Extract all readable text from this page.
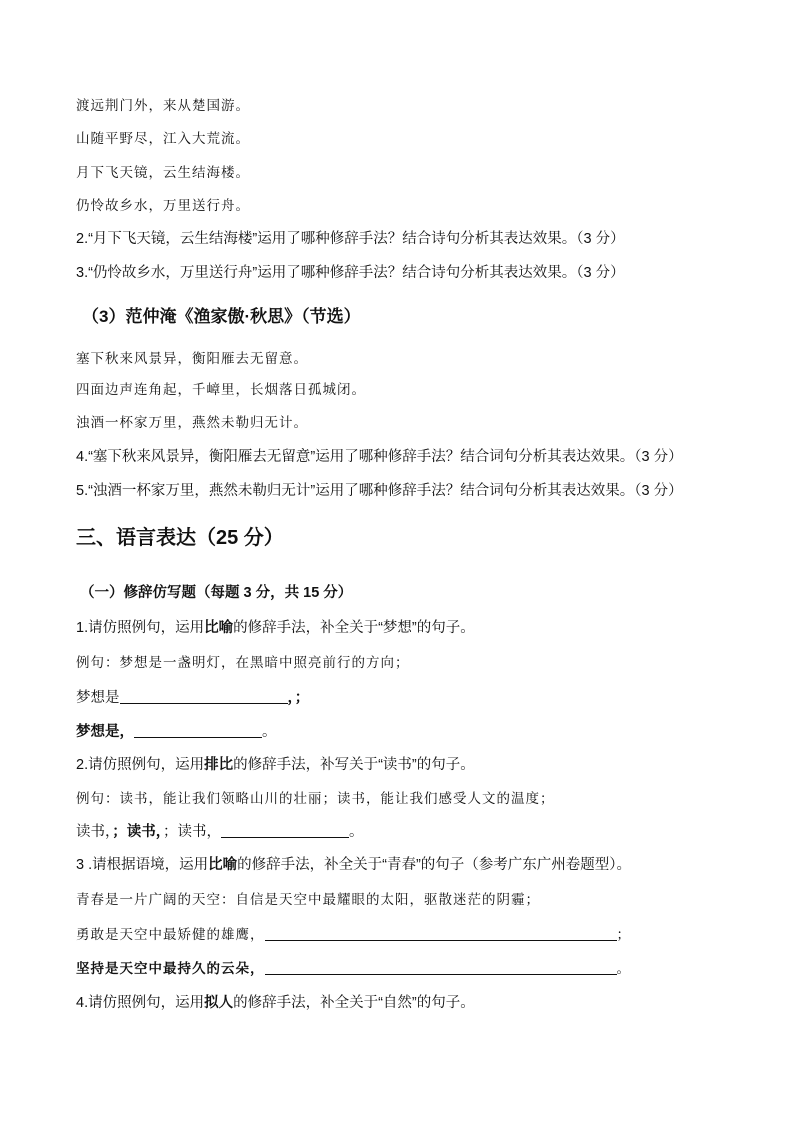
渡远荆门外，来从楚国游。
山随平野尽，江入大荒流。
月下飞天镜，云生结海楼。
仍怜故乡水，万里送行舟。
2.“月下飞天镜，云生结海楼”运用了哪种修辞手法？结合诗句分析其表达效果。（3 分）
3.“仍怜故乡水，万里送行舟”运用了哪种修辞手法？结合诗句分析其表达效果。（3 分）
（3）范仲淹《渔家傲·秋思》（节选）
塞下秋来风景异，衡阳雁去无留意。
四面边声连角起，千嶂里，长烟落日孤城闭。
浊酒一杯家万里，燕然未勒归无计。
4.“塞下秋来风景异，衡阳雁去无留意”运用了哪种修辞手法？结合词句分析其表达效果。（3 分）
5.“浊酒一杯家万里，燕然未勒归无计”运用了哪种修辞手法？结合词句分析其表达效果。（3 分）
三、语言表达（25 分）
（一）修辞仿写题（每题 3 分，共 15 分）
1.请仿照例句，运用比喻的修辞手法，补全关于“梦想”的句子。
例句：梦想是一盏明灯，在黑暗中照亮前行的方向；
梦想是	，；
梦想是，	。
2.请仿照例句，运用排比的修辞手法，补写关于“读书”的句子。
例句：读书，能让我们领略山川的壮丽；读书，能让我们感受人文的温度；
读书，；读书，；读书，	。
3 .请根据语境，运用比喻的修辞手法，补全关于“青春”的句子（参考广东广州卷题型）。
青春是一片广阔的天空：自信是天空中最耀眼的太阳，驱散迷茫的阴霾；
勇敢是天空中最矫健的雄鹰，	；
坚持是天空中最持久的云朵，	。
4.请仿照例句，运用拟人的修辞手法，补全关于“自然”的句子。
